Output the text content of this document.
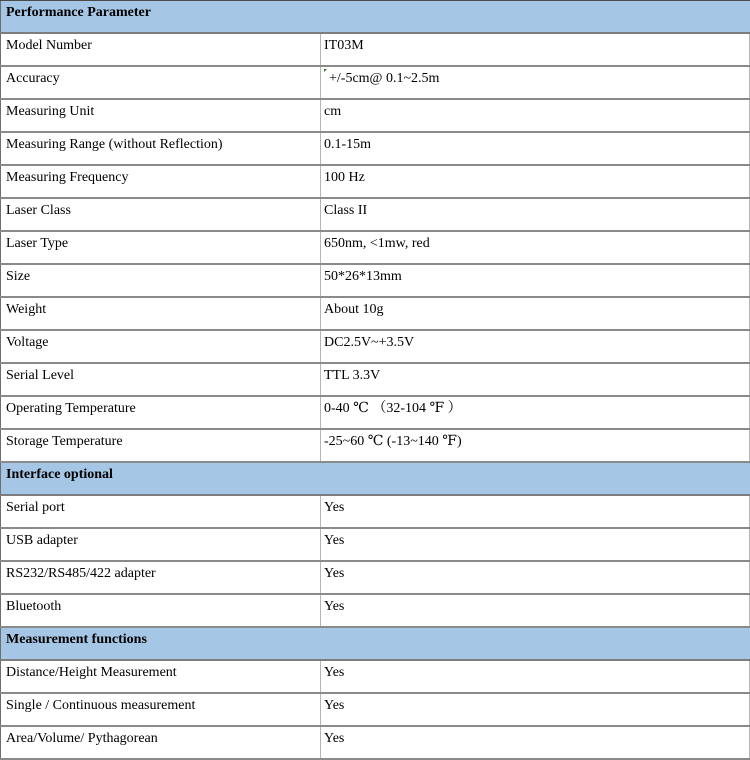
Performance Parameter
Model Number	IT03M
Accuracy	+/-5cm@ 0.1~2.5m
Measuring Unit	cm
Measuring Range (without Reflection)	0.1-15m
Measuring Frequency	100 Hz
Laser Class	Class II
Laser Type	650nm, <1mw, red
Size	50*26*13mm
Weight	About 10g
Voltage	DC2.5V~+3.5V
Serial Level	TTL 3.3V
Operating Temperature	0-40 ℃ （32-104 ℉ ）
Storage Temperature	-25~60 ℃ (-13~140 ℉)
Interface optional
Serial port	Yes
USB adapter	Yes
RS232/RS485/422 adapter	Yes
Bluetooth	Yes
Measurement functions
Distance/Height Measurement	Yes
Single / Continuous measurement	Yes
Area/Volume/ Pythagorean	Yes
